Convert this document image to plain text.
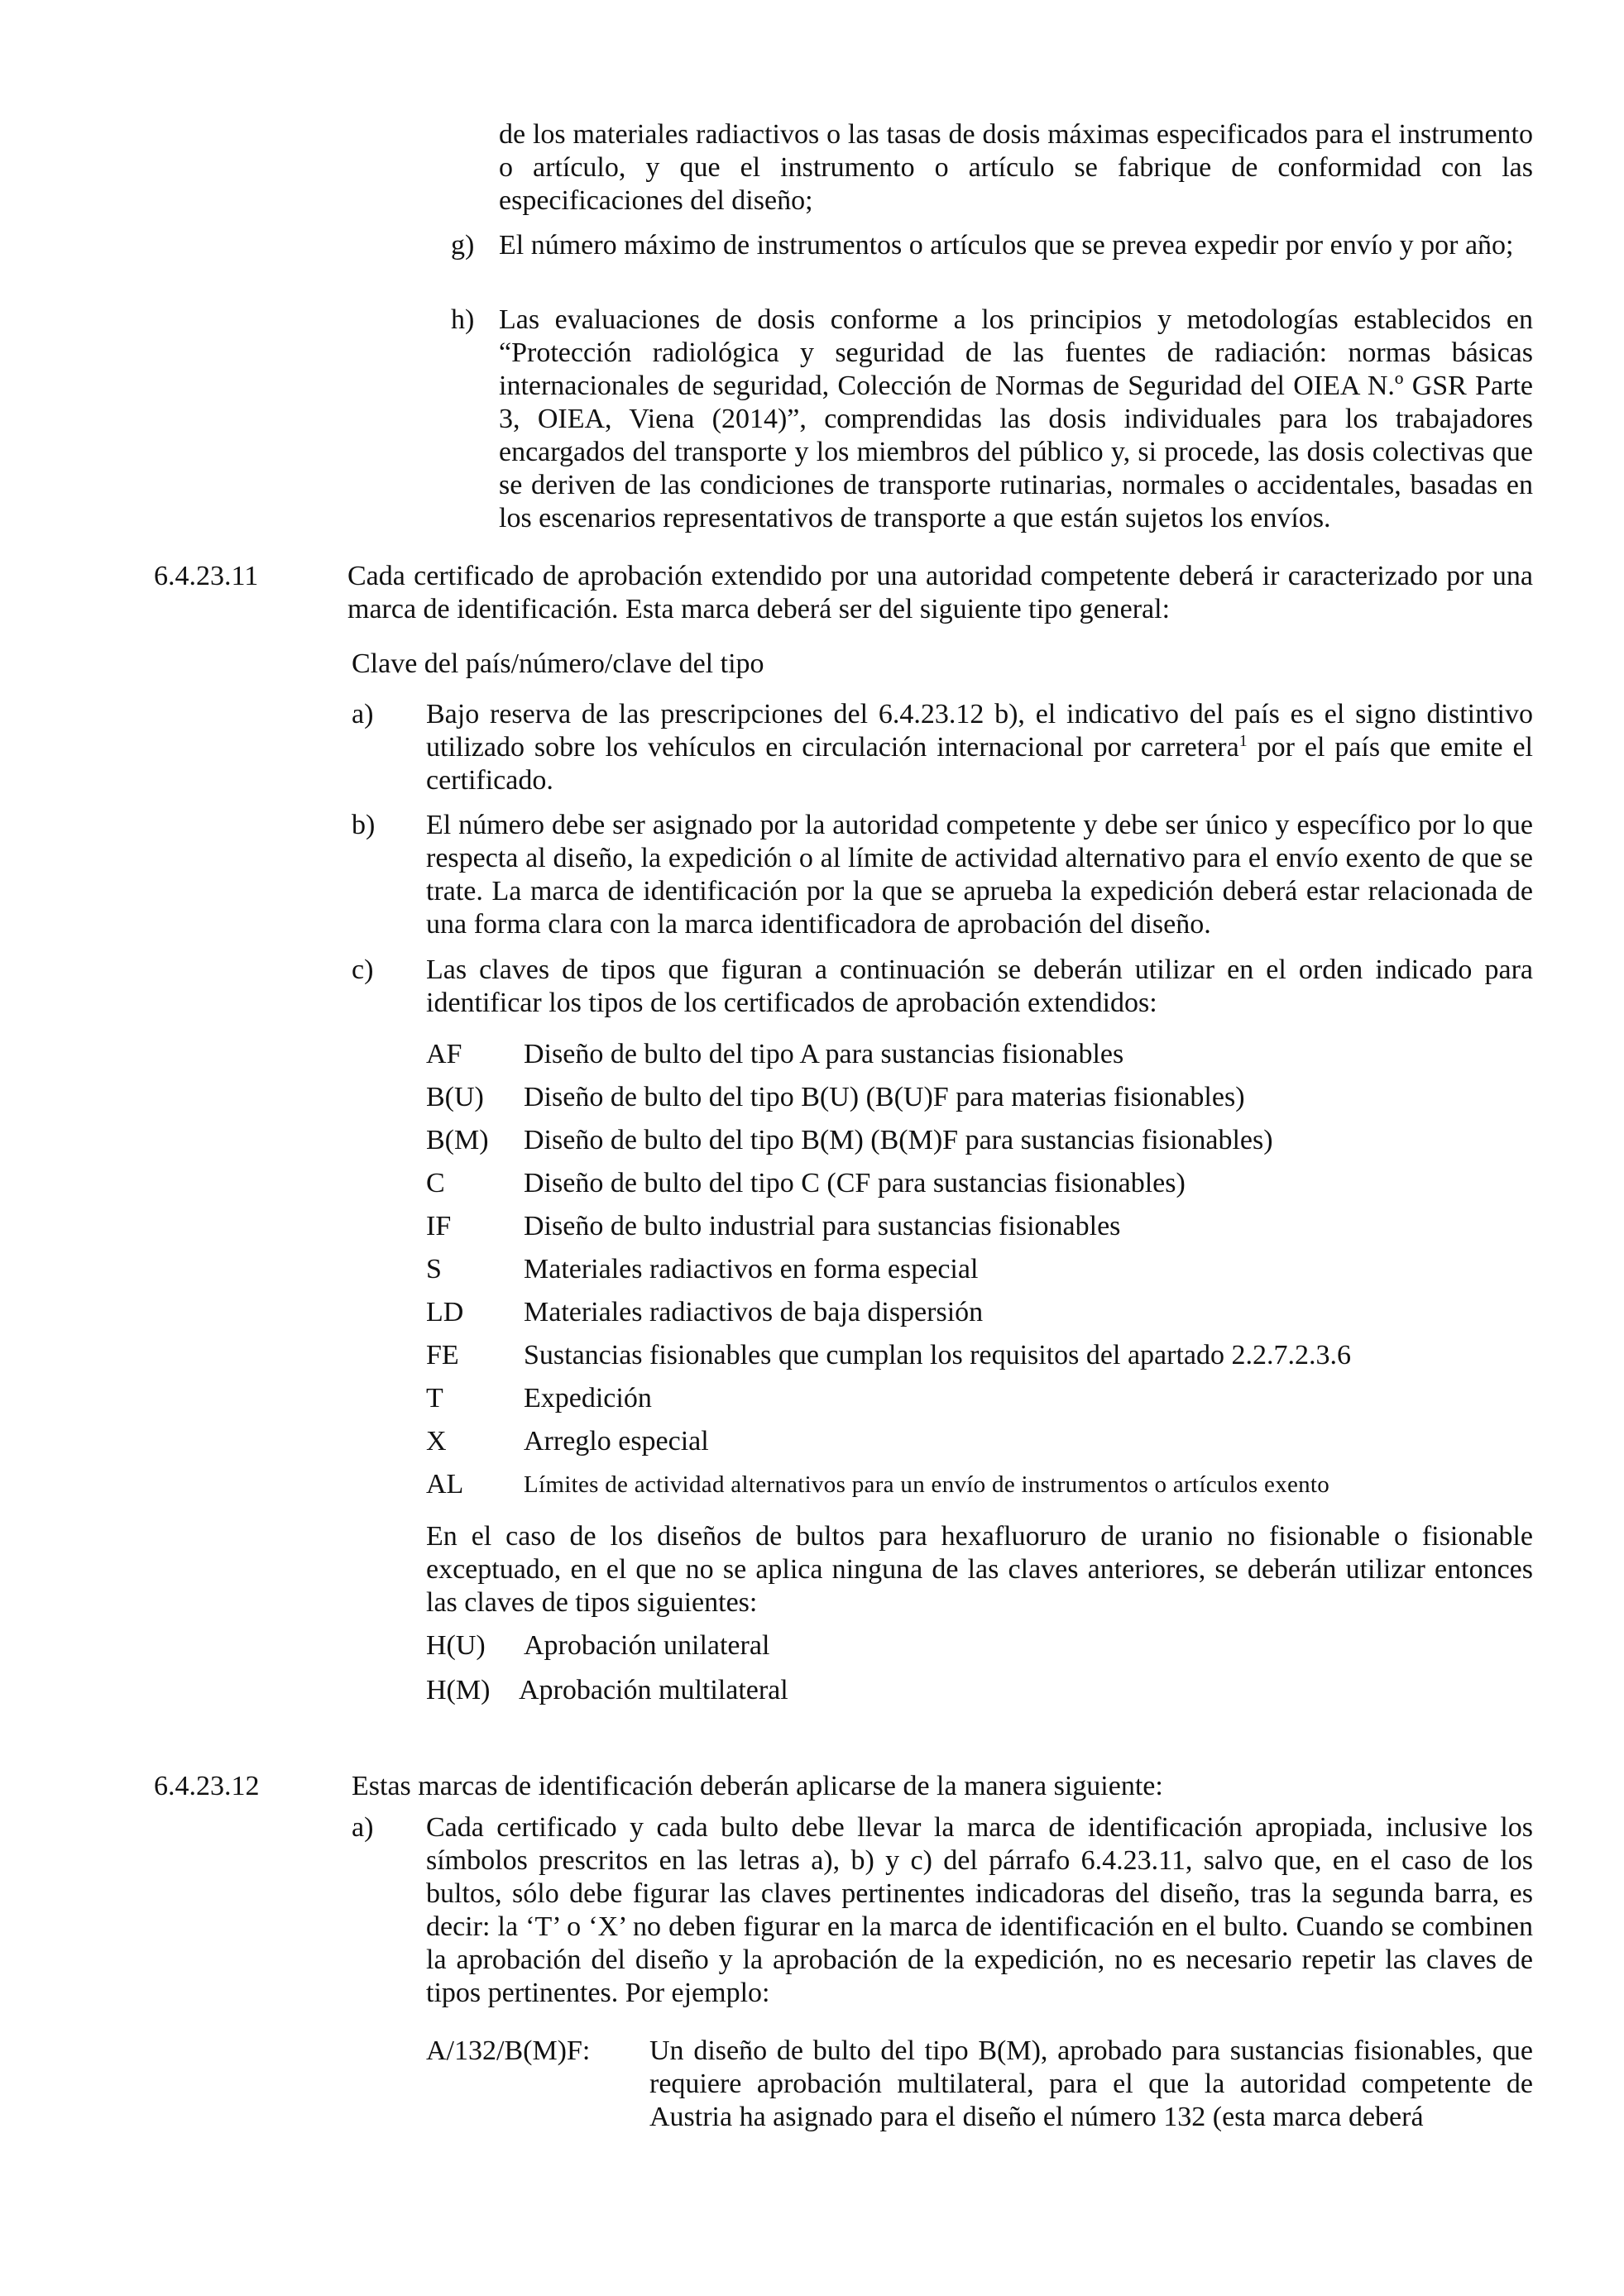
de los materiales radiactivos o las tasas de dosis máximas especificados para el instrumento o artículo, y que el instrumento o artículo se fabrique de conformidad con las especificaciones del diseño;

g) El número máximo de instrumentos o artículos que se prevea expedir por envío y por año;

h) Las evaluaciones de dosis conforme a los principios y metodologías establecidos en “Protección radiológica y seguridad de las fuentes de radiación: normas básicas internacionales de seguridad, Colección de Normas de Seguridad del OIEA N.º GSR Parte 3, OIEA, Viena (2014)”, comprendidas las dosis individuales para los trabajadores encargados del transporte y los miembros del público y, si procede, las dosis colectivas que se deriven de las condiciones de transporte rutinarias, normales o accidentales, basadas en los escenarios representativos de transporte a que están sujetos los envíos.

6.4.23.11	Cada certificado de aprobación extendido por una autoridad competente deberá ir caracterizado por una marca de identificación. Esta marca deberá ser del siguiente tipo general:

Clave del país/número/clave del tipo
a) Bajo reserva de las prescripciones del 6.4.23.12 b), el indicativo del país es el signo distintivo utilizado sobre los vehículos en circulación internacional por carretera$^1$ por el país que emite el certificado.

b) El número debe ser asignado por la autoridad competente y debe ser único y específico por lo que respecta al diseño, la expedición o al límite de actividad alternativo para el envío exento de que se trate. La marca de identificación por la que se aprueba la expedición deberá estar relacionada de una forma clara con la marca identificadora de aprobación del diseño.

c) Las claves de tipos que figuran a continuación se deberán utilizar en el orden indicado para identificar los tipos de los certificados de aprobación extendidos:

AF Diseño de bulto del tipo A para sustancias fisionables
B(U) Diseño de bulto del tipo B(U) (B(U)F para materias fisionables)
B(M) Diseño de bulto del tipo B(M) (B(M)F para sustancias fisionables)
C	Diseño de bulto del tipo C (CF para sustancias fisionables)
IF	Diseño de bulto industrial para sustancias fisionables
S	Materiales radiactivos en forma especial
LD Materiales radiactivos de baja dispersión
FE Sustancias fisionables que cumplan los requisitos del apartado 2.2.7.2.3.6
T	Expedición
X	Arreglo especial
AL	Límites de actividad alternativos para un envío de instrumentos o artículos exento

En el caso de los diseños de bultos para hexafluoruro de uranio no fisionable o fisionable exceptuado, en el que no se aplica ninguna de las claves anteriores, se deberán utilizar entonces las claves de tipos siguientes:

H(U) Aprobación unilateral
H(M) Aprobación multilateral
6.4.23.12	Estas marcas de identificación deberán aplicarse de la manera siguiente:

a) Cada certificado y cada bulto debe llevar la marca de identificación apropiada, inclusive los símbolos prescritos en las letras a), b) y c) del párrafo 6.4.23.11, salvo que, en el caso de los bultos, sólo debe figurar las claves pertinentes indicadoras del diseño, tras la segunda barra, es decir: la ‘T’ o ‘X’ no deben figurar en la marca de identificación en el bulto. Cuando se combinen la aprobación del diseño y la aprobación de la expedición, no es necesario repetir las claves de tipos pertinentes. Por ejemplo:

A/132/B(M)F: Un diseño de bulto del tipo B(M), aprobado para sustancias fisionables, que requiere aprobación multilateral, para el que la autoridad competente de Austria ha asignado para el diseño el número 132 (esta marca deberá
